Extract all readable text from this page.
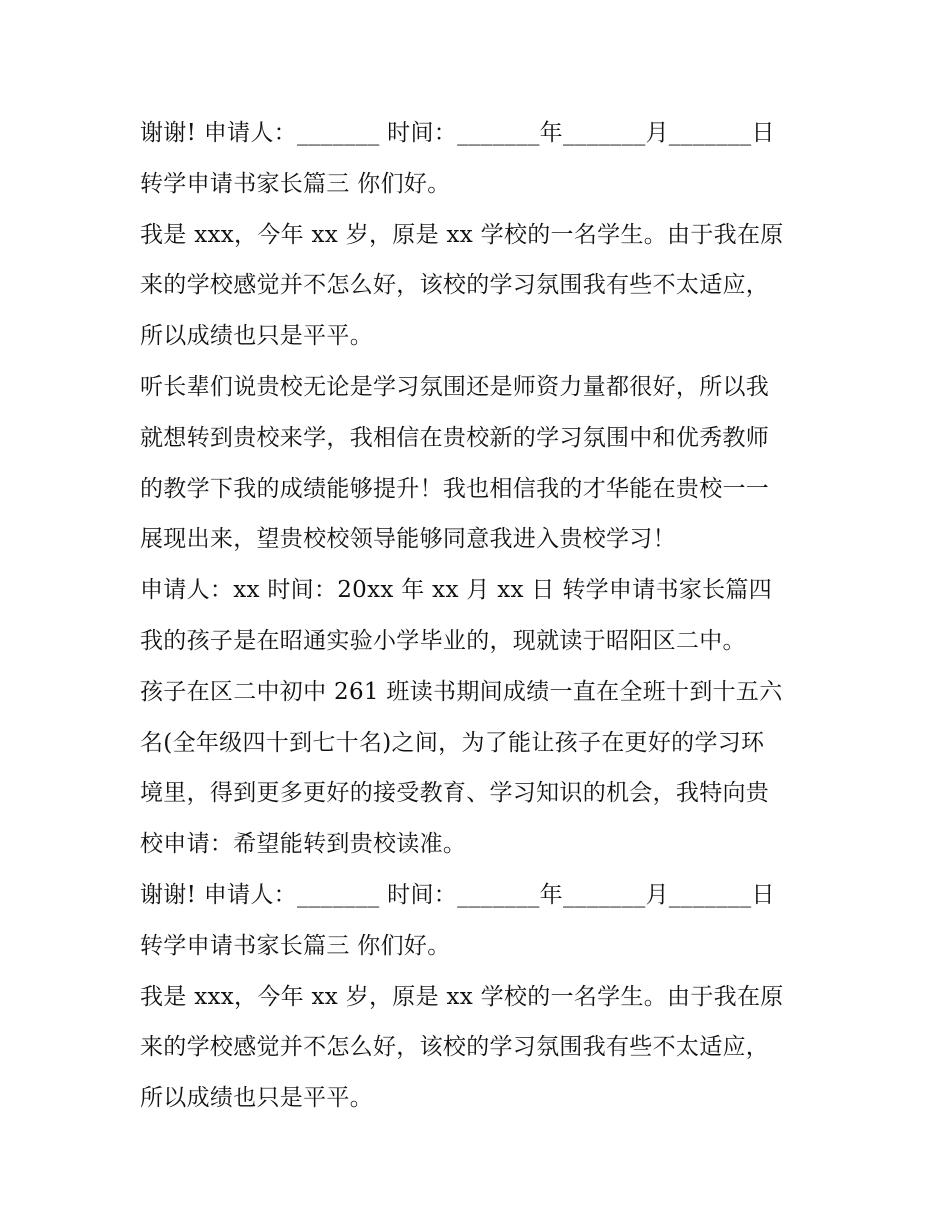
谢谢! 申请人：_______ 时间：_______年_______月_______日
转学申请书家长篇三 你们好。
我是 xxx，今年 xx 岁，原是 xx 学校的一名学生。由于我在原
来的学校感觉并不怎么好，该校的学习氛围我有些不太适应，
所以成绩也只是平平。
听长辈们说贵校无论是学习氛围还是师资力量都很好，所以我
就想转到贵校来学，我相信在贵校新的学习氛围中和优秀教师
的教学下我的成绩能够提升！我也相信我的才华能在贵校一一
展现出来，望贵校校领导能够同意我进入贵校学习！
申请人：xx 时间：20xx 年 xx 月 xx 日 转学申请书家长篇四
我的孩子是在昭通实验小学毕业的，现就读于昭阳区二中。
孩子在区二中初中 261 班读书期间成绩一直在全班十到十五六
名(全年级四十到七十名)之间，为了能让孩子在更好的学习环
境里，得到更多更好的接受教育、学习知识的机会，我特向贵
校申请：希望能转到贵校读准。
谢谢! 申请人：_______ 时间：_______年_______月_______日
转学申请书家长篇三 你们好。
我是 xxx，今年 xx 岁，原是 xx 学校的一名学生。由于我在原
来的学校感觉并不怎么好，该校的学习氛围我有些不太适应，
所以成绩也只是平平。
